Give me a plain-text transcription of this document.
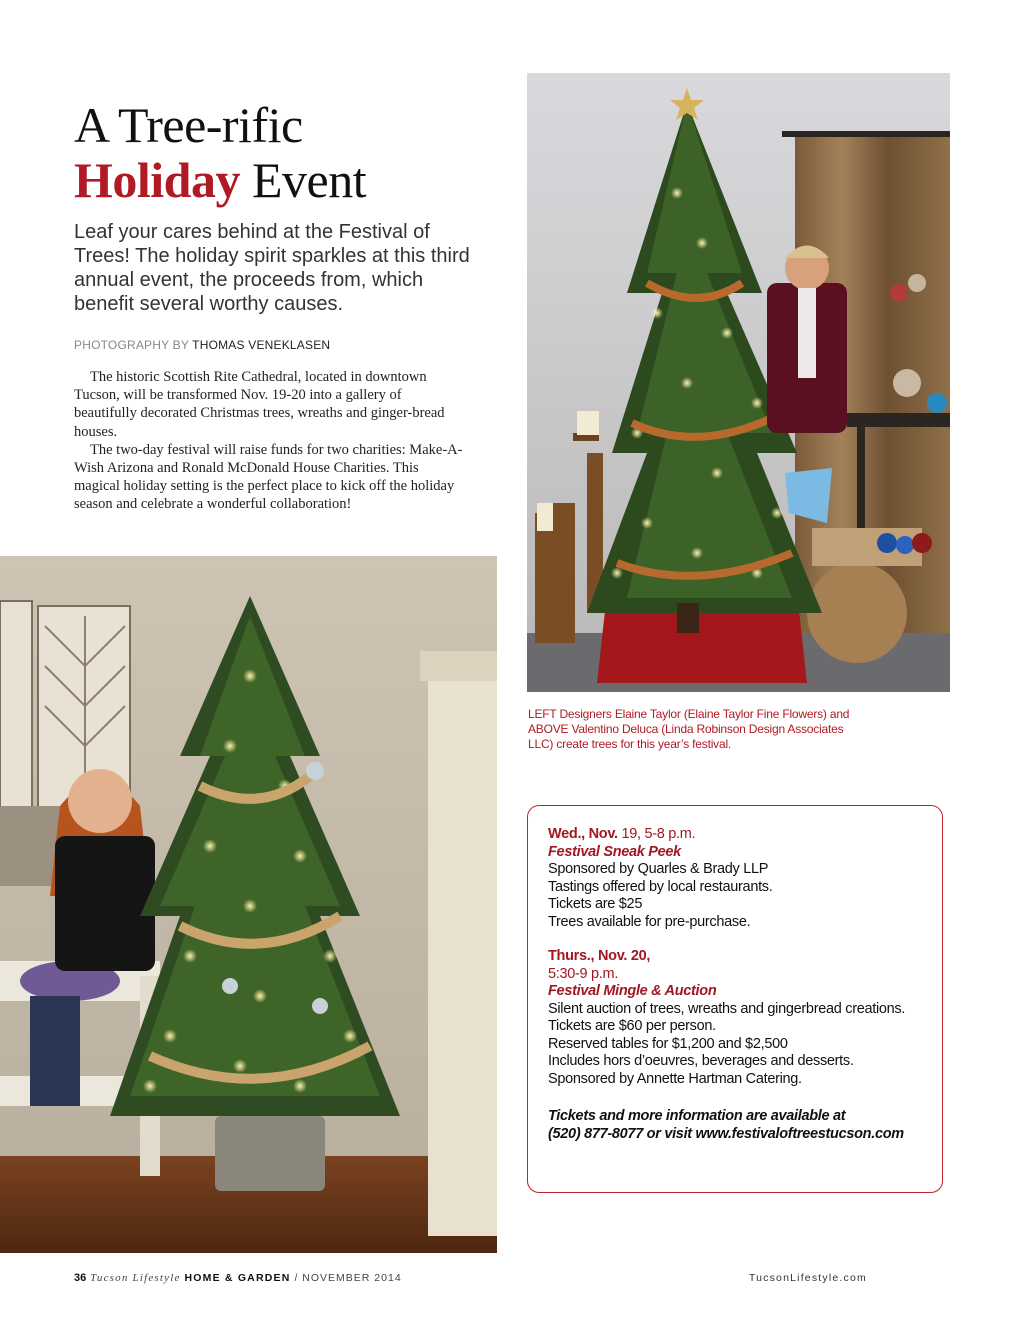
A Tree-rific
Holiday Event
Leaf your cares behind at the Festival of Trees! The holiday spirit sparkles at this third annual event, the proceeds from, which benefit several worthy causes.
PHOTOGRAPHY BY THOMAS VENEKLASEN

The historic Scottish Rite Cathedral, located in downtown Tucson, will be transformed Nov. 19-20 into a gallery of beautifully decorated Christmas trees, wreaths and ginger-bread houses.

The two-day festival will raise funds for two charities: Make-A-Wish Arizona and Ronald McDonald House Charities. This magical holiday setting is the perfect place to kick off the holiday season and celebrate a wonderful collaboration!

LEFT Designers Elaine Taylor (Elaine Taylor Fine Flowers) and ABOVE Valentino Deluca (Linda Robinson Design Associates LLC) create trees for this year’s festival.
Wed., Nov. 19, 5-8 p.m.
Festival Sneak Peek
Sponsored by Quarles & Brady LLP
Tastings offered by local restaurants.
Tickets are $25
Trees available for pre-purchase.
Thurs., Nov. 20,
5:30-9 p.m.
Festival Mingle & Auction
Silent auction of trees, wreaths and gingerbread creations.
Tickets are $60 per person.
Reserved tables for $1,200 and $2,500
Includes hors d’oeuvres, beverages and desserts.
Sponsored by Annette Hartman Catering.
Tickets and more information are available at
(520) 877-8077 or visit www.festivaloftreestucson.com
36 Tucson Lifestyle HOME & GARDEN / NOVEMBER 2014	TucsonLifestyle.com
